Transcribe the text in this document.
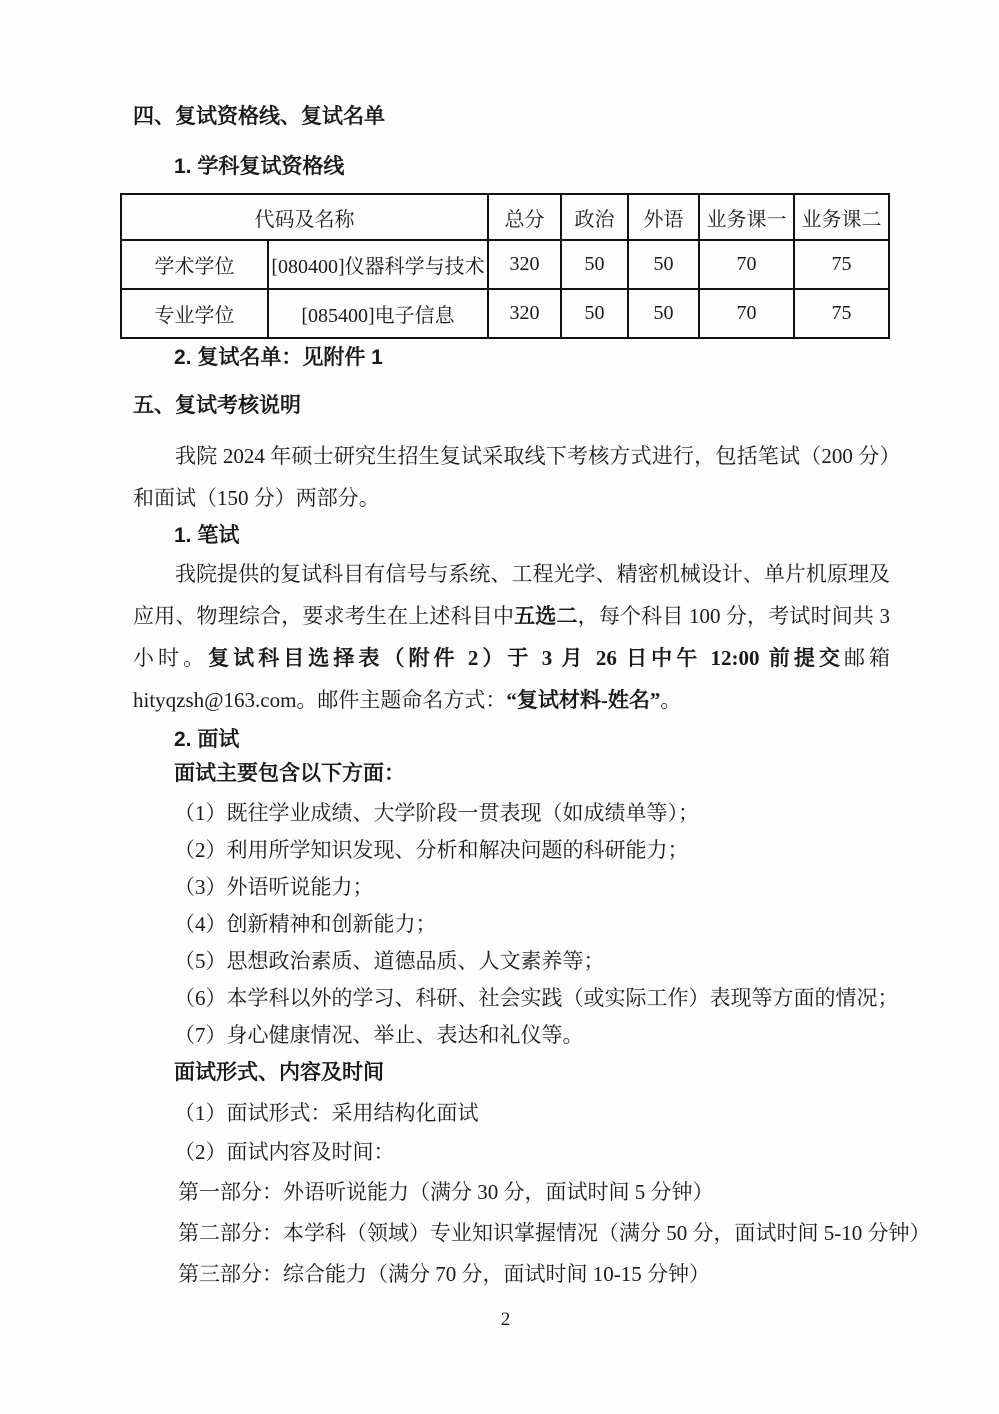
四、复试资格线、复试名单
1. 学科复试资格线
代码及名称		总分	政治	外语	业务课一	业务课二
学术学位	[080400]仪器科学与技术	320	50	50	70	75
专业学位	[085400]电子信息	320	50	50	70	75
2. 复试名单：见附件 1
五、复试考核说明

我院 2024 年硕士研究生招生复试采取线下考核方式进行，包括笔试（200 分）和面试（150 分）两部分。

1. 笔试

我院提供的复试科目有信号与系统、工程光学、精密机械设计、单片机原理及应用、物理综合，要求考生在上述科目中五选二，每个科目 100 分，考试时间共 3 小时。复试科目选择表（附件 2）于 3 月 26 日中午 12:00 前提交邮箱 hityqzsh@163.com。邮件主题命名方式：“复试材料-姓名”。

2. 面试

面试主要包含以下方面：

（1）既往学业成绩、大学阶段一贯表现（如成绩单等）；
（2）利用所学知识发现、分析和解决问题的科研能力；
（3）外语听说能力；
（4）创新精神和创新能力；
（5）思想政治素质、道德品质、人文素养等；
（6）本学科以外的学习、科研、社会实践（或实际工作）表现等方面的情况；
（7）身心健康情况、举止、表达和礼仪等。

面试形式、内容及时间

（1）面试形式：采用结构化面试
（2）面试内容及时间：
第一部分：外语听说能力（满分 30 分，面试时间 5 分钟）
第二部分：本学科（领域）专业知识掌握情况（满分 50 分，面试时间 5-10 分钟）
第三部分：综合能力（满分 70 分，面试时间 10-15 分钟）
2
